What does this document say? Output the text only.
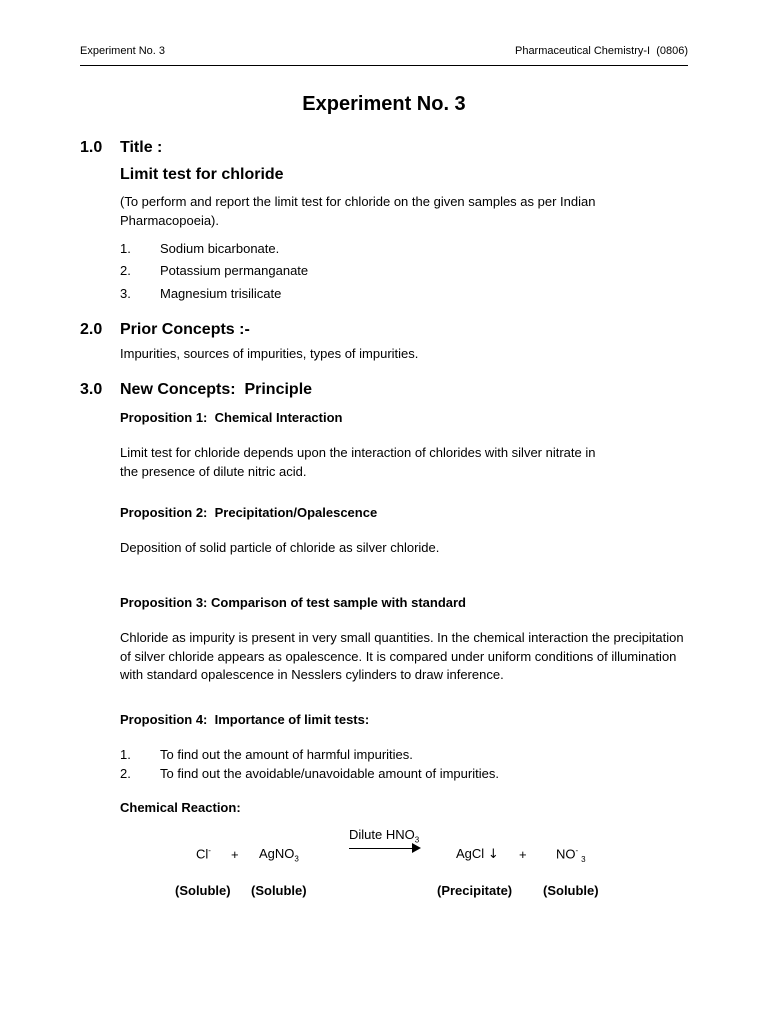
Experiment No. 3	Pharmaceutical Chemistry-I  (0806)
Experiment No. 3
1.0 Title :
Limit test for chloride
(To perform and report the limit test for chloride on the given samples as per Indian Pharmacopoeia).
1. Sodium bicarbonate.
2. Potassium permanganate
3. Magnesium trisilicate
2.0 Prior Concepts :-
Impurities, sources of impurities, types of impurities.
3.0 New Concepts:  Principle
Proposition 1:  Chemical Interaction
Limit test for chloride depends upon the interaction of chlorides with silver nitrate in the presence of dilute nitric acid.
Proposition 2:  Precipitation/Opalescence
Deposition of solid particle of chloride as silver chloride.
Proposition 3: Comparison of test sample with standard
Chloride as impurity is present in very small quantities. In the chemical interaction the precipitation of silver chloride appears as opalescence. It is compared under uniform conditions of illumination with standard opalescence in Nesslers cylinders to draw inference.
Proposition 4:  Importance of limit tests:
1. To find out the amount of harmful impurities.
2. To find out the avoidable/unavoidable amount of impurities.
Chemical Reaction:
Dilute $HNO_3$
Cl- + AgNO$_3$	AgCl ↓ + $NO^-_3$
(Soluble) (Soluble)	(Precipitate) (Soluble)
